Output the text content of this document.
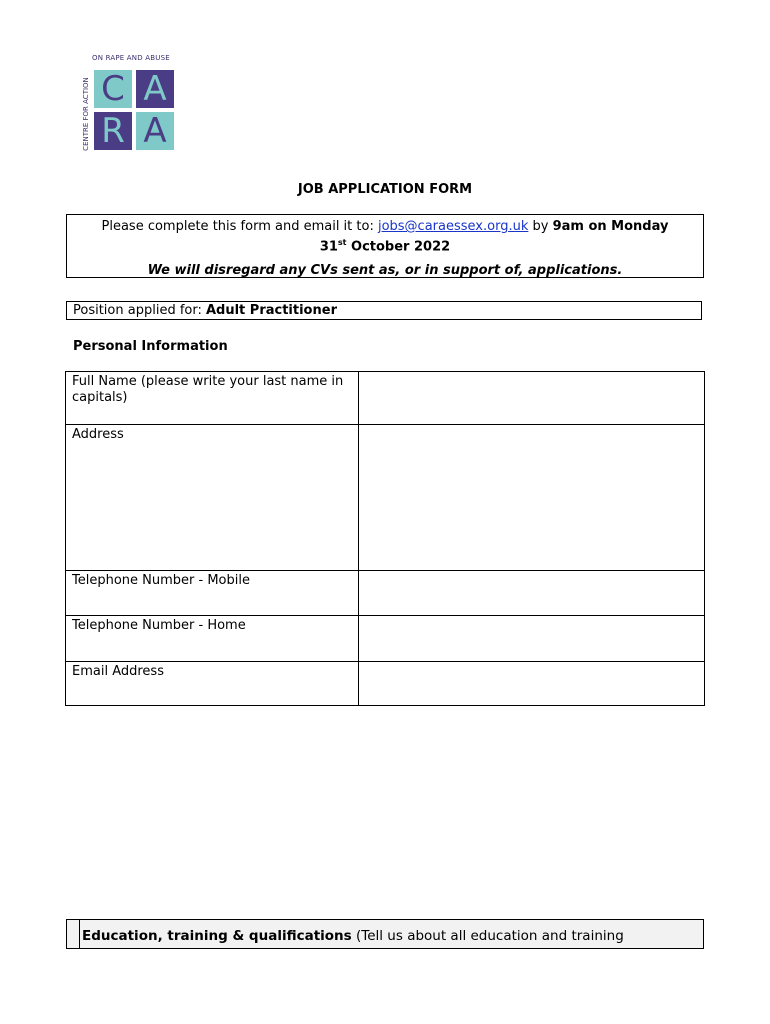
ON RAPE AND ABUSE
CENTRE FOR ACTION C A
R A
JOB APPLICATION FORM
Please complete this form and email it to: jobs@caraessex.org.uk by 9am on Monday
31st October 2022
We will disregard any CVs sent as, or in support of, applications.
Position applied for: Adult Practitioner
Personal Information
Full Name (please write your last name in capitals)	
Address	
Telephone Number - Mobile	
Telephone Number - Home	
Email Address	
Education, training & qualifications (Tell us about all education and training
